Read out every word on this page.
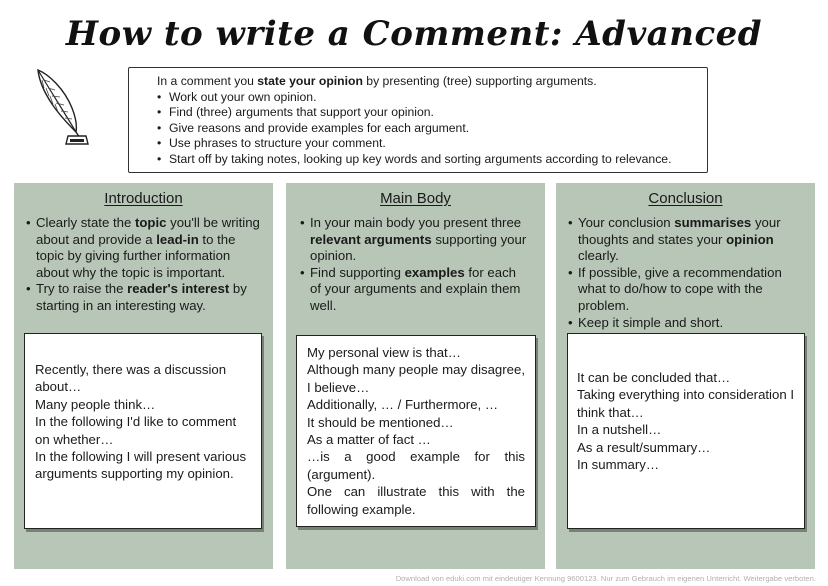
How to write a Comment: Advanced
In a comment you state your opinion by presenting (tree) supporting arguments.
• Work out your own opinion.
• Find (three) arguments that support your opinion.
• Give reasons and provide examples for each argument.
• Use phrases to structure your comment.
• Start off by taking notes, looking up key words and sorting arguments according to relevance.
Introduction
• Clearly state the topic you'll be writing about and provide a lead-in to the topic by giving further information about why the topic is important.
• Try to raise the reader's interest by starting in an interesting way.
Recently, there was a discussion about…
Many people think…
In the following I'd like to comment on whether…
In the following I will present various arguments supporting my opinion.
Main Body
• In your main body you present three relevant arguments supporting your opinion.
• Find supporting examples for each of your arguments and explain them well.
My personal view is that…
Although many people may disagree, I believe…
Additionally, … / Furthermore, …
It should be mentioned…
As a matter of fact …
…is a good example for this (argument).
One can illustrate this with the following example.
Conclusion
• Your conclusion summarises your thoughts and states your opinion clearly.
• If possible, give a recommendation what to do/how to cope with the problem.
• Keep it simple and short.
It can be concluded that…
Taking everything into consideration I think that…
In a nutshell…
As a result/summary…
In summary…
Download von eduki.com mit eindeutiger Kennung 9600123. Nur zum Gebrauch im eigenen Unterricht. Weitergabe verboten.
